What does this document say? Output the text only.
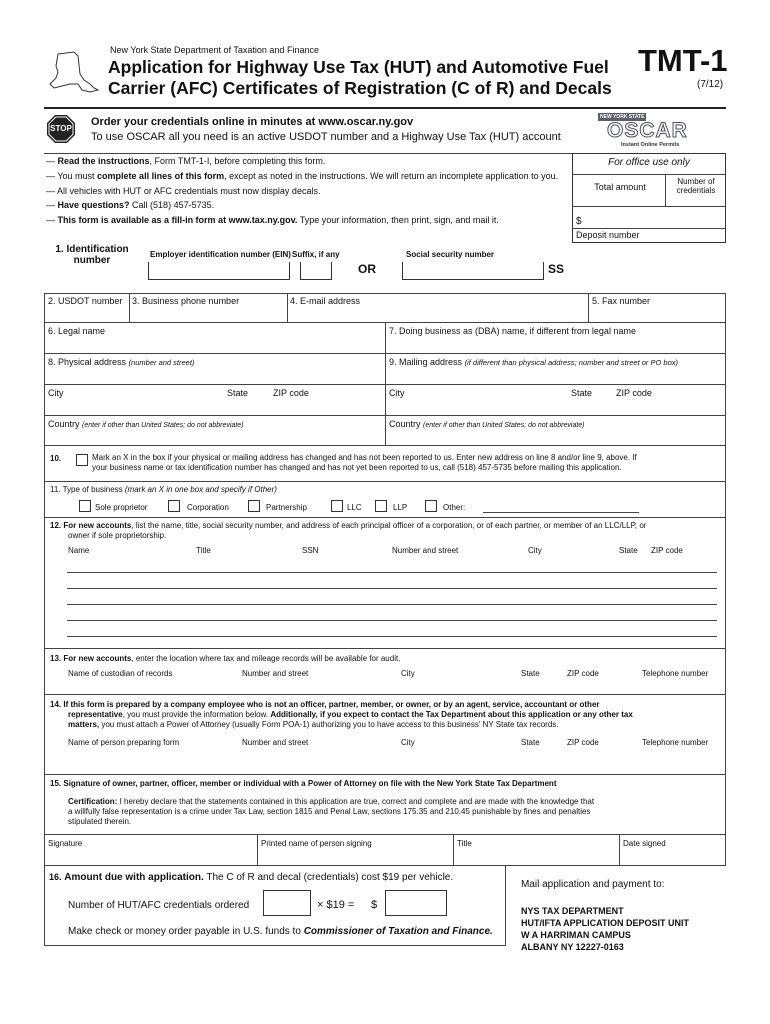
New York State Department of Taxation and Finance
Application for Highway Use Tax (HUT) and Automotive Fuel
Carrier (AFC) Certificates of Registration (C of R) and Decals
TMT-1
(7/12)
STOP
Order your credentials online in minutes at www.oscar.ny.gov
To use OSCAR all you need is an active USDOT number and a Highway Use Tax (HUT) account
NEW YORK STATE
OSCAR
Instant Online Permits
— Read the instructions, Form TMT-1-I, before completing this form.
— You must complete all lines of this form, except as noted in the instructions. We will return an incomplete application to you.
— All vehicles with HUT or AFC credentials must now display decals.
— Have questions? Call (518) 457-5735.
— This form is available as a fill-in form at www.tax.ny.gov. Type your information, then print, sign, and mail it.
For office use only
Total amount
Number of credentials
$
Deposit number
1. Identification number
Employer identification number (EIN) Suffix, if any
OR
Social security number
SS
2. USDOT number 3. Business phone number	4. E-mail address	5. Fax number
6. Legal name	7. Doing business as (DBA) name, if different from legal name
8. Physical address (number and street)	9. Mailing address (if different than physical address; number and street or PO box)
City	State	ZIP code	City	State	ZIP code
Country (enter if other than United States; do not abbreviate)	Country (enter if other than United States; do not abbreviate)
10.	Mark an X in the box if your physical or mailing address has changed and has not been reported to us. Enter new address on line 8 and/or line 9, above. If
your business name or tax identification number has changed and has not yet been reported to us, call (518) 457-5735 before mailing this application.
11. Type of business (mark an X in one box and specify if Other)
Sole proprietor	Corporation	Partnership	LLC	LLP	Other:
12. For new accounts, list the name, title, social security number, and address of each principal officer of a corporation, or of each partner, or member of an LLC/LLP, or
owner if sole proprietorship.
Name	Title	SSN	Number and street	City	State ZIP code
13. For new accounts, enter the location where tax and mileage records will be available for audit.
Name of custodian of records	Number and street	City	State	ZIP code	Telephone number
14. If this form is prepared by a company employee who is not an officer, partner, member, or owner, or by an agent, service, accountant or other
representative, you must provide the information below. Additionally, if you expect to contact the Tax Department about this application or any other tax
matters, you must attach a Power of Attorney (usually Form POA-1) authorizing you to have access to this business' NY State tax records.
Name of person preparing form	Number and street	City	State	ZIP code	Telephone number
15. Signature of owner, partner, officer, member or individual with a Power of Attorney on file with the New York State Tax Department
Certification: I hereby declare that the statements contained in this application are true, correct and complete and are made with the knowledge that
a willfully false representation is a crime under Tax Law, section 1815 and Penal Law, sections 175.35 and 210.45 punishable by fines and penalties
stipulated therein.
Signature	Printed name of person signing	Title	Date signed
16. Amount due with application. The C of R and decal (credentials) cost $19 per vehicle.
Number of HUT/AFC credentials ordered	× $19 = $
Make check or money order payable in U.S. funds to Commissioner of Taxation and Finance.
Mail application and payment to:
NYS TAX DEPARTMENT
HUT/IFTA APPLICATION DEPOSIT UNIT
W A HARRIMAN CAMPUS
ALBANY NY 12227-0163
